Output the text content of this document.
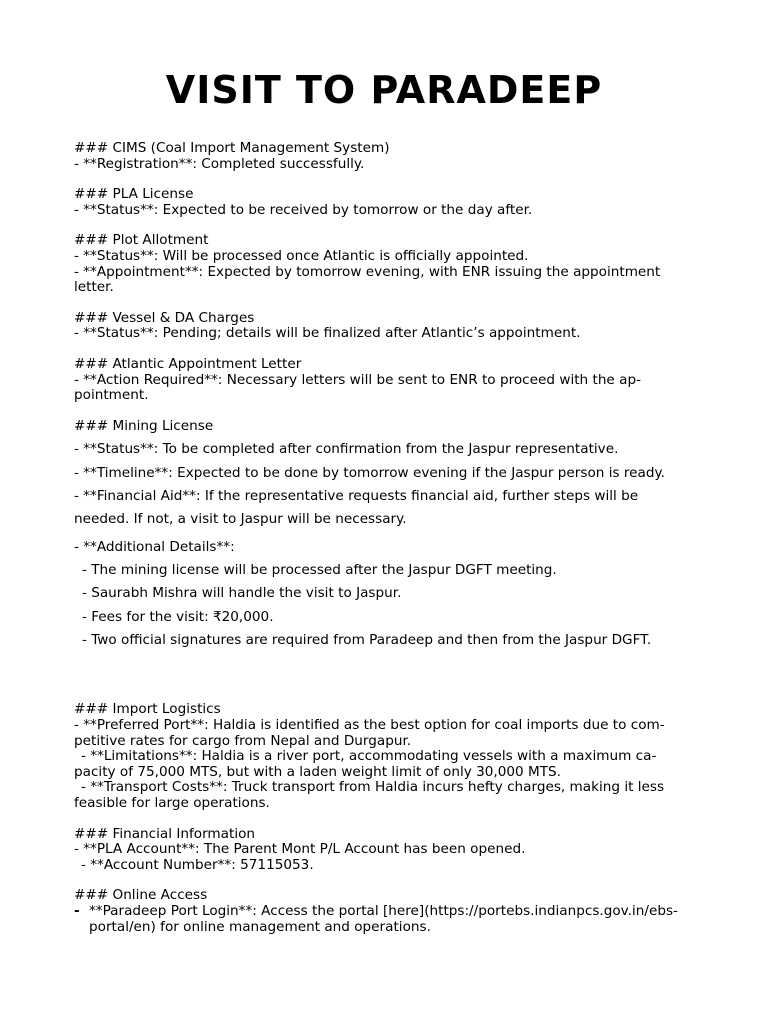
VISIT TO PARADEEP
### CIMS (Coal Import Management System)
- **Registration**: Completed successfully.
### PLA License
- **Status**: Expected to be received by tomorrow or the day after.
### Plot Allotment
- **Status**: Will be processed once Atlantic is officially appointed.
- **Appointment**: Expected by tomorrow evening, with ENR issuing the appointment letter.
### Vessel & DA Charges
- **Status**: Pending; details will be finalized after Atlantic’s appointment.
### Atlantic Appointment Letter
- **Action Required**: Necessary letters will be sent to ENR to proceed with the ap-pointment.
### Mining License
- **Status**: To be completed after confirmation from the Jaspur representative.
- **Timeline**: Expected to be done by tomorrow evening if the Jaspur person is ready.
- **Financial Aid**: If the representative requests financial aid, further steps will be needed. If not, a visit to Jaspur will be necessary.
- **Additional Details**:
- The mining license will be processed after the Jaspur DGFT meeting.
- Saurabh Mishra will handle the visit to Jaspur.
- Fees for the visit: ₹20,000.
- Two official signatures are required from Paradeep and then from the Jaspur DGFT.
### Import Logistics
- **Preferred Port**: Haldia is identified as the best option for coal imports due to com-petitive rates for cargo from Nepal and Durgapur.
- **Limitations**: Haldia is a river port, accommodating vessels with a maximum ca-pacity of 75,000 MTS, but with a laden weight limit of only 30,000 MTS.
- **Transport Costs**: Truck transport from Haldia incurs hefty charges, making it less feasible for large operations.
### Financial Information
- **PLA Account**: The Parent Mont P/L Account has been opened.
- **Account Number**: 57115053.
### Online Access
- **Paradeep Port Login**: Access the portal [here](https://portebs.indianpcs.gov.in/ebs-portal/en) for online management and operations.
